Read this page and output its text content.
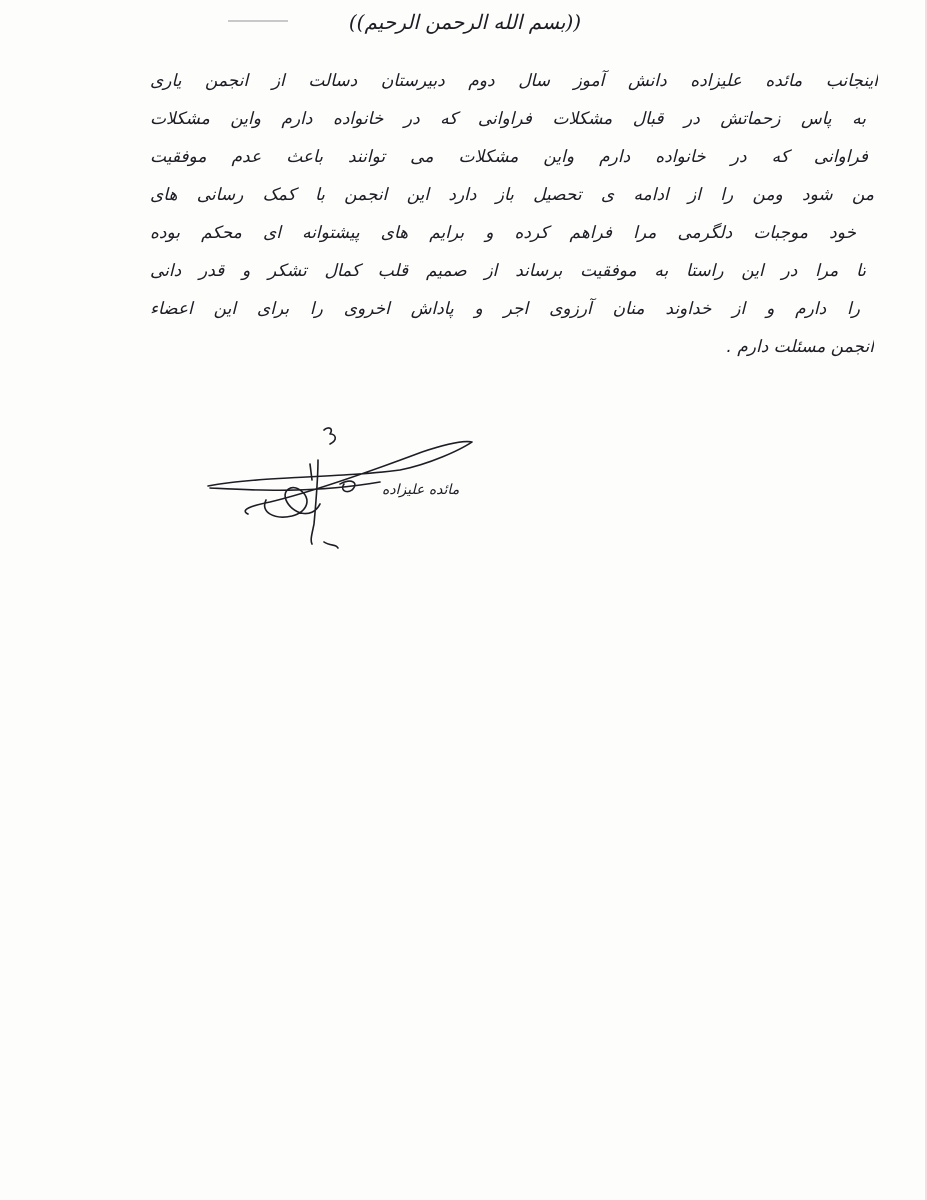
((بسم الله الرحمن الرحیم))
اینجانب مائده علیزاده دانش آموز سال دوم دبیرستان دسالت از انجمن یاری
به پاس زحماتش در قبال مشکلات فراوانی که در خانواده دارم واین مشکلات
فراوانی که در خانواده دارم واین مشکلات می توانند باعث عدم موفقیت
من شود ومن را از ادامه ی تحصیل باز دارد این انجمن با کمک رسانی های
خود موجبات دلگرمی مرا فراهم کرده و برایم های پیشتوانه ای محکم بوده
تا مرا در این راستا به موفقیت برساند از صمیم قلب کمال تشکر و قدر دانی
را دارم و از خداوند منان آرزوی اجر و پاداش اخروی را برای این اعضاء
انجمن مسئلت دارم .
مائده علیزاده
